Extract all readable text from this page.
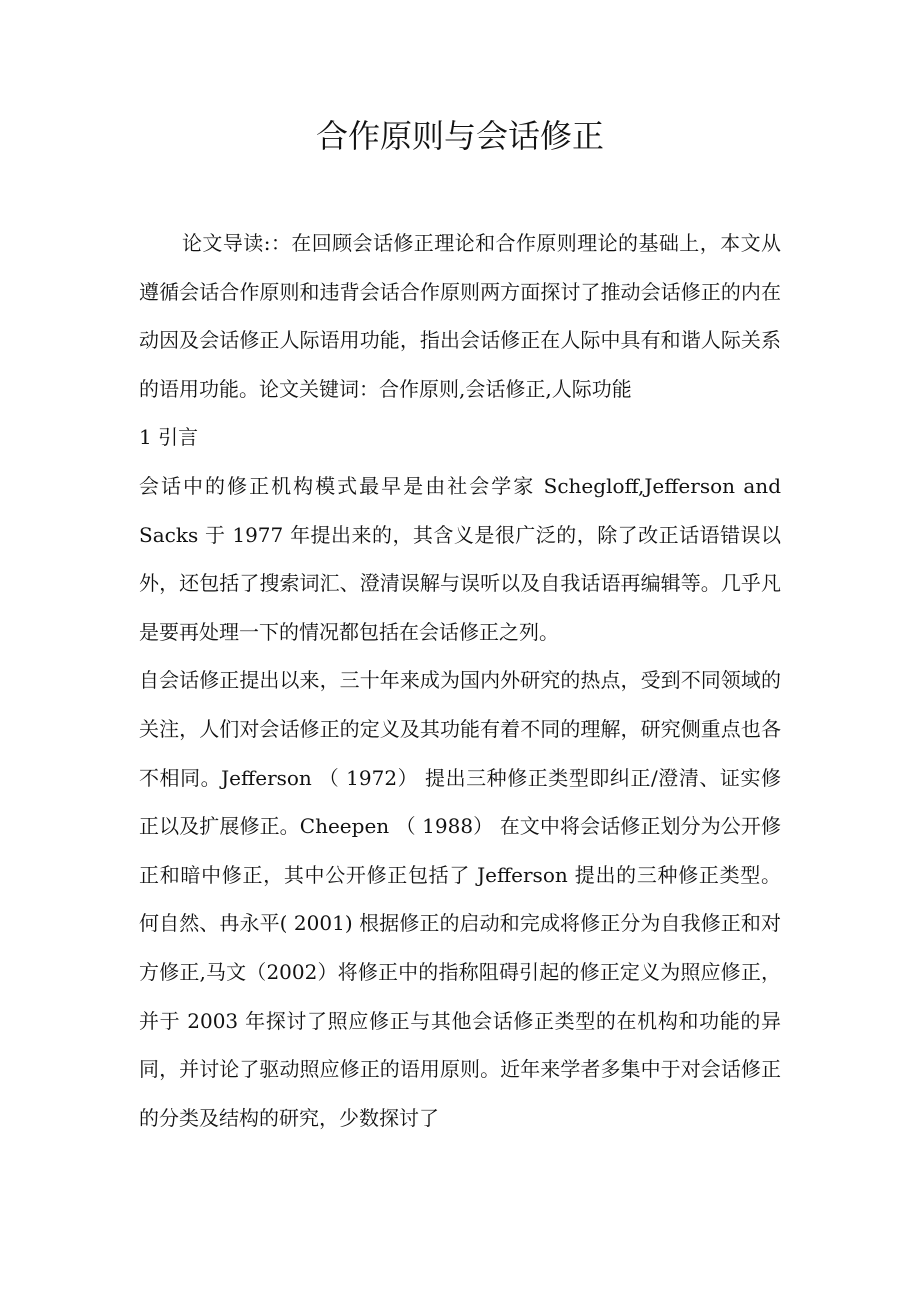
合作原则与会话修正

论文导读:：在回顾会话修正理论和合作原则理论的基础上，本文从遵循会话合作原则和违背会话合作原则两方面探讨了推动会话修正的内在动因及会话修正人际语用功能，指出会话修正在人际中具有和谐人际关系的语用功能。论文关键词：合作原则,会话修正,人际功能

1 引言

会话中的修正机构模式最早是由社会学家 Schegloff,Jefferson and Sacks 于 1977 年提出来的，其含义是很广泛的，除了改正话语错误以外，还包括了搜索词汇、澄清误解与误听以及自我话语再编辑等。几乎凡是要再处理一下的情况都包括在会话修正之列。

自会话修正提出以来，三十年来成为国内外研究的热点，受到不同领域的关注，人们对会话修正的定义及其功能有着不同的理解，研究侧重点也各不相同。Jefferson （ 1972） 提出三种修正类型即纠正/澄清、证实修正以及扩展修正。Cheepen （ 1988） 在文中将会话修正划分为公开修正和暗中修正，其中公开修正包括了 Jefferson 提出的三种修正类型。何自然、冉永平( 2001) 根据修正的启动和完成将修正分为自我修正和对方修正,马文（2002）将修正中的指称阻碍引起的修正定义为照应修正，并于 2003 年探讨了照应修正与其他会话修正类型的在机构和功能的异同，并讨论了驱动照应修正的语用原则。近年来学者多集中于对会话修正的分类及结构的研究，少数探讨了
